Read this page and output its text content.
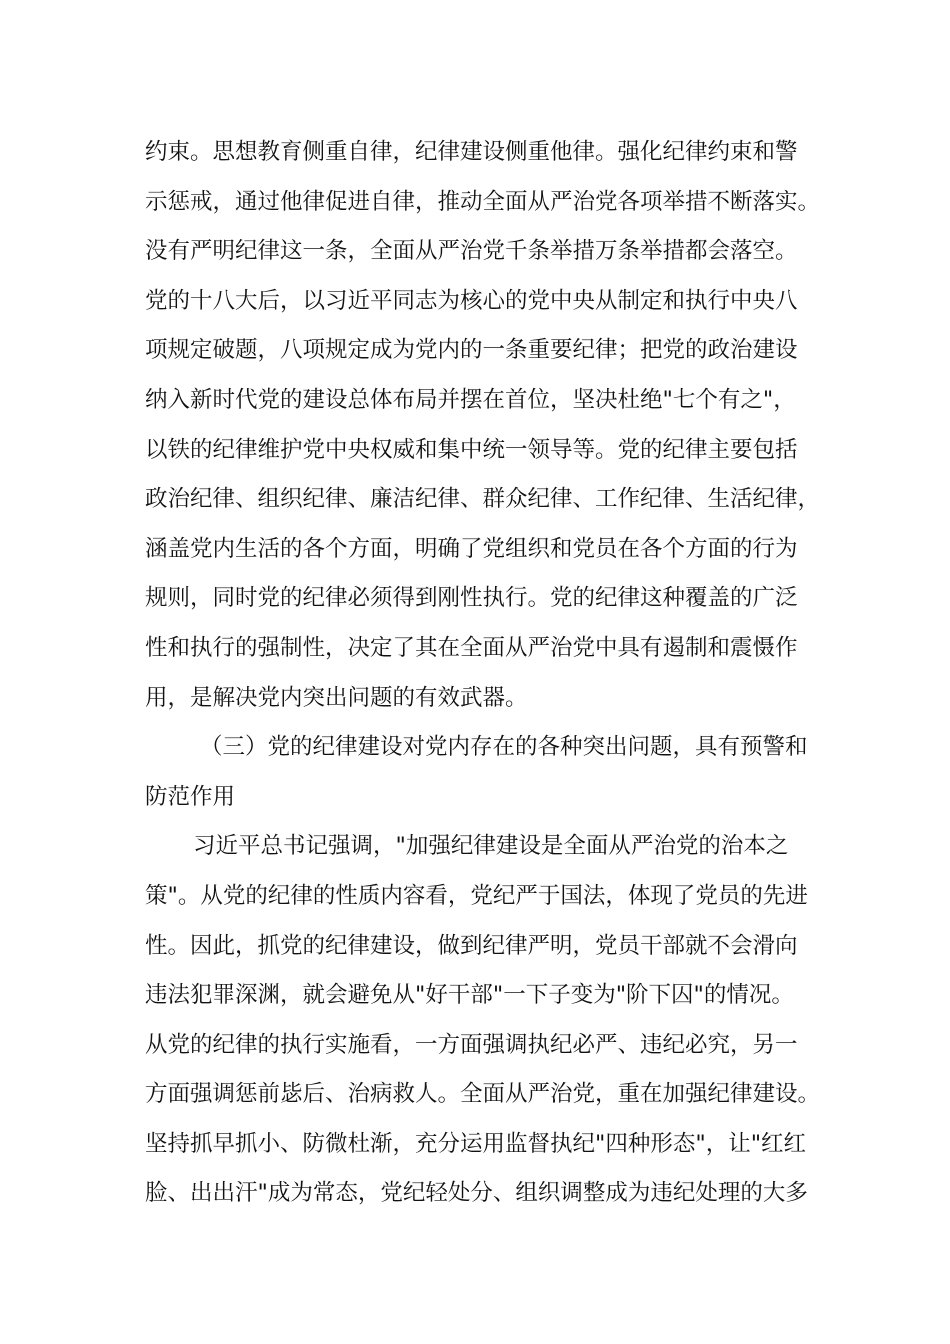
约束。思想教育侧重自律，纪律建设侧重他律。强化纪律约束和警
示惩戒，通过他律促进自律，推动全面从严治党各项举措不断落实。
没有严明纪律这一条，全面从严治党千条举措万条举措都会落空。
党的十八大后，以习近平同志为核心的党中央从制定和执行中央八
项规定破题，八项规定成为党内的一条重要纪律；把党的政治建设
纳入新时代党的建设总体布局并摆在首位，坚决杜绝"七个有之"，
以铁的纪律维护党中央权威和集中统一领导等。党的纪律主要包括
政治纪律、组织纪律、廉洁纪律、群众纪律、工作纪律、生活纪律，
涵盖党内生活的各个方面，明确了党组织和党员在各个方面的行为
规则，同时党的纪律必须得到刚性执行。党的纪律这种覆盖的广泛
性和执行的强制性，决定了其在全面从严治党中具有遏制和震慑作
用，是解决党内突出问题的有效武器。
（三）党的纪律建设对党内存在的各种突出问题，具有预警和
防范作用
习近平总书记强调，"加强纪律建设是全面从严治党的治本之
策"。从党的纪律的性质内容看，党纪严于国法，体现了党员的先进
性。因此，抓党的纪律建设，做到纪律严明，党员干部就不会滑向
违法犯罪深渊，就会避免从"好干部"一下子变为"阶下囚"的情况。
从党的纪律的执行实施看，一方面强调执纪必严、违纪必究，另一
方面强调惩前毖后、治病救人。全面从严治党，重在加强纪律建设。
坚持抓早抓小、防微杜渐，充分运用监督执纪"四种形态"，让"红红
脸、出出汗"成为常态，党纪轻处分、组织调整成为违纪处理的大多
